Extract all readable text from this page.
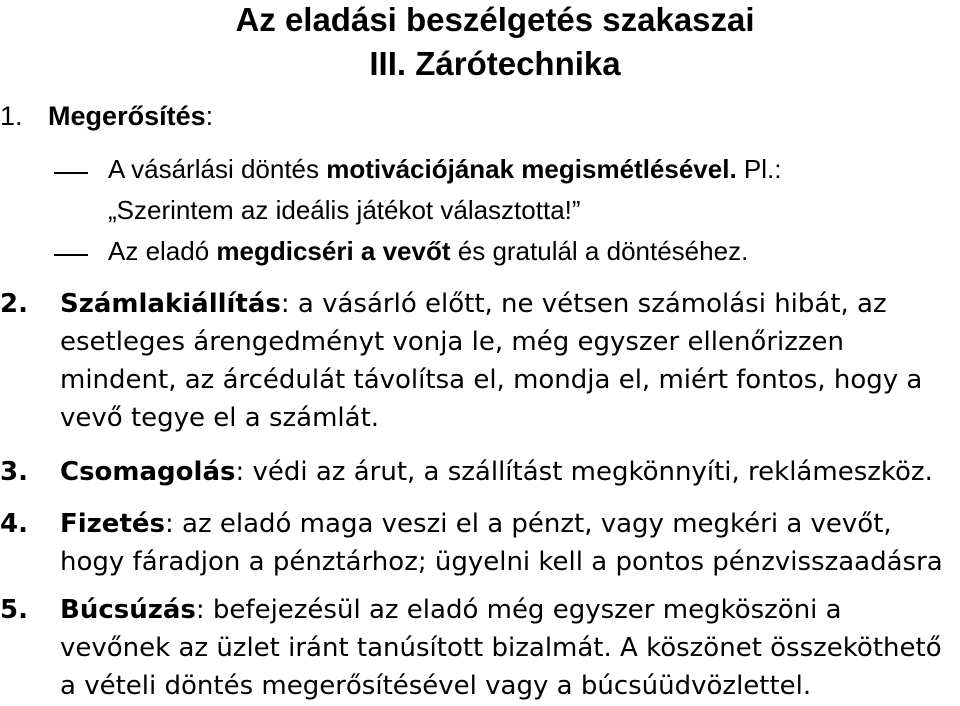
Az eladási beszélgetés szakaszai
III. Zárótechnika
1. Megerősítés:
A vásárlási döntés motivációjának megismétlésével. Pl.:
„Szerintem az ideális játékot választotta!”
Az eladó megdicséri a vevőt és gratulál a döntéséhez.
2. Számlakiállítás: a vásárló előtt, ne vétsen számolási hibát, az esetleges árengedményt vonja le, még egyszer ellenőrizzen mindent, az árcédulát távolítsa el, mondja el, miért fontos, hogy a vevő tegye el a számlát.
3. Csomagolás: védi az árut, a szállítást megkönnyíti, reklámeszköz.
4. Fizetés: az eladó maga veszi el a pénzt, vagy megkéri a vevőt, hogy fáradjon a pénztárhoz; ügyelni kell a pontos pénzvisszaadásra
5. Búcsúzás: befejezésül az eladó még egyszer megköszöni a vevőnek az üzlet iránt tanúsított bizalmát. A köszönet összeköthető a vételi döntés megerősítésével vagy a búcsúüdvözlettel.
